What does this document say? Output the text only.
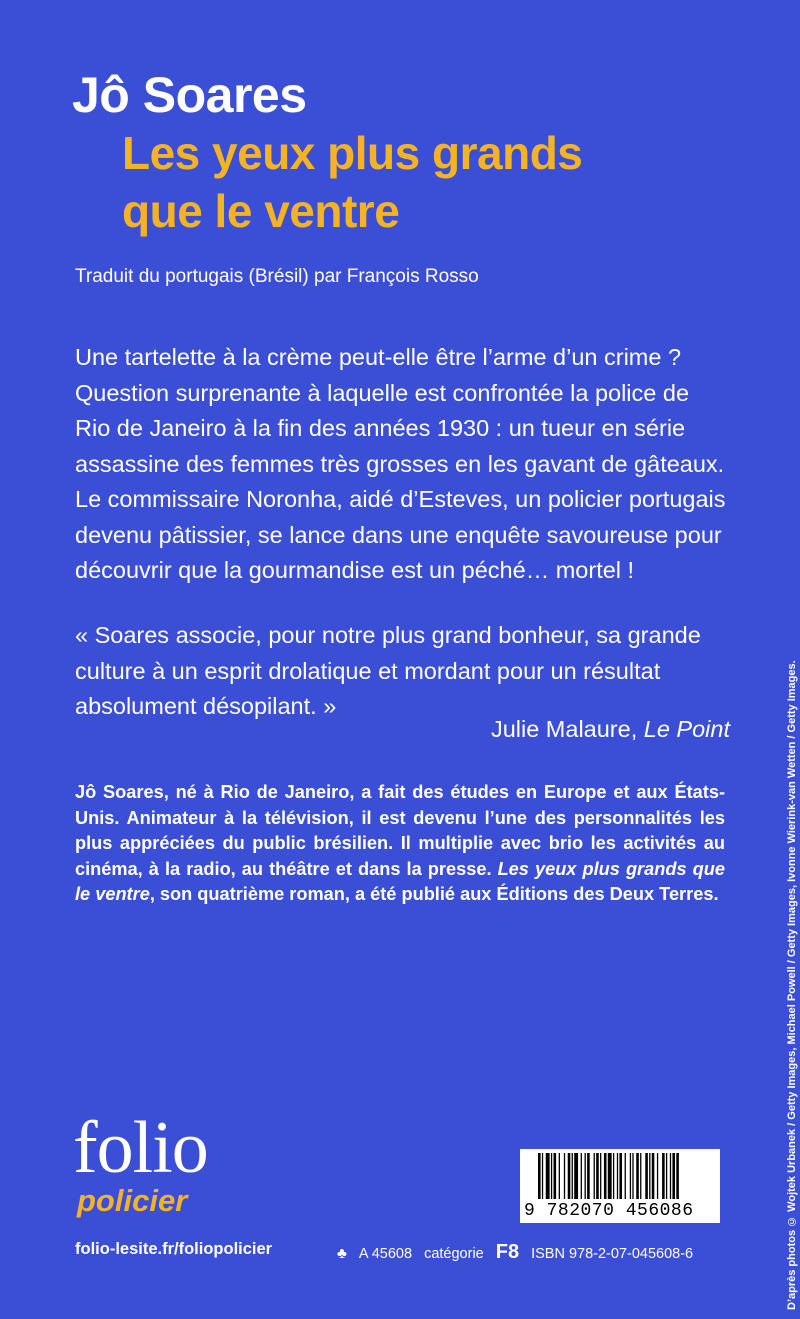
Jô Soares
Les yeux plus grands
que le ventre
Traduit du portugais (Brésil) par François Rosso
Une tartelette à la crème peut-elle être l’arme d’un crime ? Question surprenante à laquelle est confrontée la police de Rio de Janeiro à la fin des années 1930 : un tueur en série assassine des femmes très grosses en les gavant de gâteaux. Le commissaire Noronha, aidé d’Esteves, un policier portugais devenu pâtissier, se lance dans une enquête savoureuse pour découvrir que la gourmandise est un péché… mortel !
« Soares associe, pour notre plus grand bonheur, sa grande culture à un esprit drolatique et mordant pour un résultat absolument désopilant. »
Julie Malaure, Le Point
Jô Soares, né à Rio de Janeiro, a fait des études en Europe et aux États-Unis. Animateur à la télévision, il est devenu l’une des personnalités les plus appréciées du public brésilien. Il multiplie avec brio les activités au cinéma, à la radio, au théâtre et dans la presse. Les yeux plus grands que le ventre, son quatrième roman, a été publié aux Éditions des Deux Terres.	D’après photos © Wojtek Urbanek / Getty Images, Michael Powell / Getty Images, Ivonne Wierink-van Wetten / Getty Images.
folio
policier
folio-lesite.fr/foliopolicier
9 782070 456086
♣ A 45608 catégorie F8 ISBN 978-2-07-045608-6
